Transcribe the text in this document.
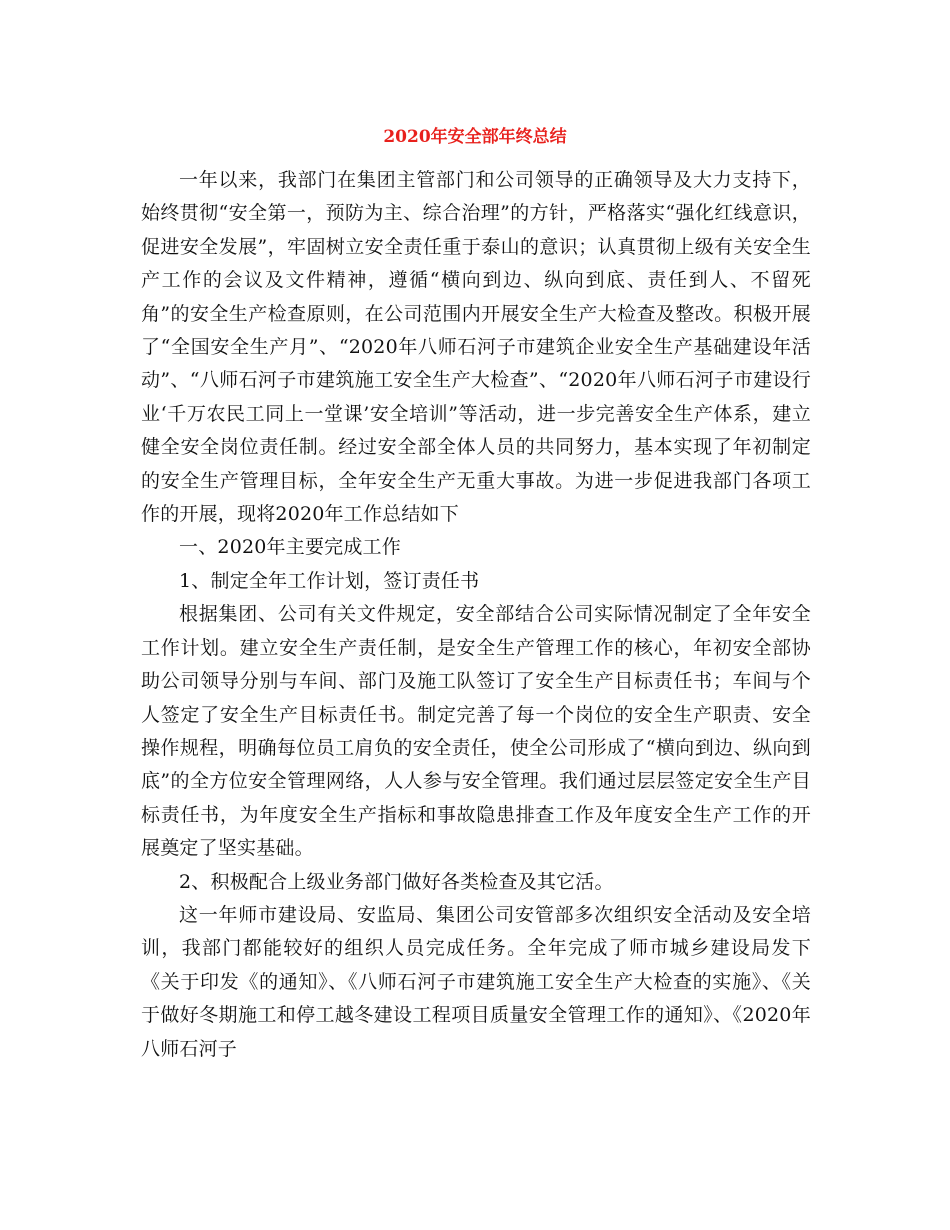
2020年安全部年终总结

一年以来，我部门在集团主管部门和公司领导的正确领导及大力支持下，始终贯彻“安全第一，预防为主、综合治理”的方针，严格落实“强化红线意识，促进安全发展”，牢固树立安全责任重于泰山的意识；认真贯彻上级有关安全生产工作的会议及文件精神，遵循“横向到边、纵向到底、责任到人、不留死角”的安全生产检查原则，在公司范围内开展安全生产大检查及整改。积极开展了“全国安全生产月”、“2020年八师石河子市建筑企业安全生产基础建设年活动”、“八师石河子市建筑施工安全生产大检查”、“2020年八师石河子市建设行业‘千万农民工同上一堂课’安全培训”等活动，进一步完善安全生产体系，建立健全安全岗位责任制。经过安全部全体人员的共同努力，基本实现了年初制定的安全生产管理目标，全年安全生产无重大事故。为进一步促进我部门各项工作的开展，现将2020年工作总结如下

一、2020年主要完成工作

1、制定全年工作计划，签订责任书

根据集团、公司有关文件规定，安全部结合公司实际情况制定了全年安全工作计划。建立安全生产责任制，是安全生产管理工作的核心，年初安全部协助公司领导分别与车间、部门及施工队签订了安全生产目标责任书；车间与个人签定了安全生产目标责任书。制定完善了每一个岗位的安全生产职责、安全操作规程，明确每位员工肩负的安全责任，使全公司形成了“横向到边、纵向到底”的全方位安全管理网络，人人参与安全管理。我们通过层层签定安全生产目标责任书，为年度安全生产指标和事故隐患排查工作及年度安全生产工作的开展奠定了坚实基础。

2、积极配合上级业务部门做好各类检查及其它活。

这一年师市建设局、安监局、集团公司安管部多次组织安全活动及安全培训，我部门都能较好的组织人员完成任务。全年完成了师市城乡建设局发下《关于印发《的通知》、《八师石河子市建筑施工安全生产大检查的实施》、《关于做好冬期施工和停工越冬建设工程项目质量安全管理工作的通知》、《2020年八师石河子
